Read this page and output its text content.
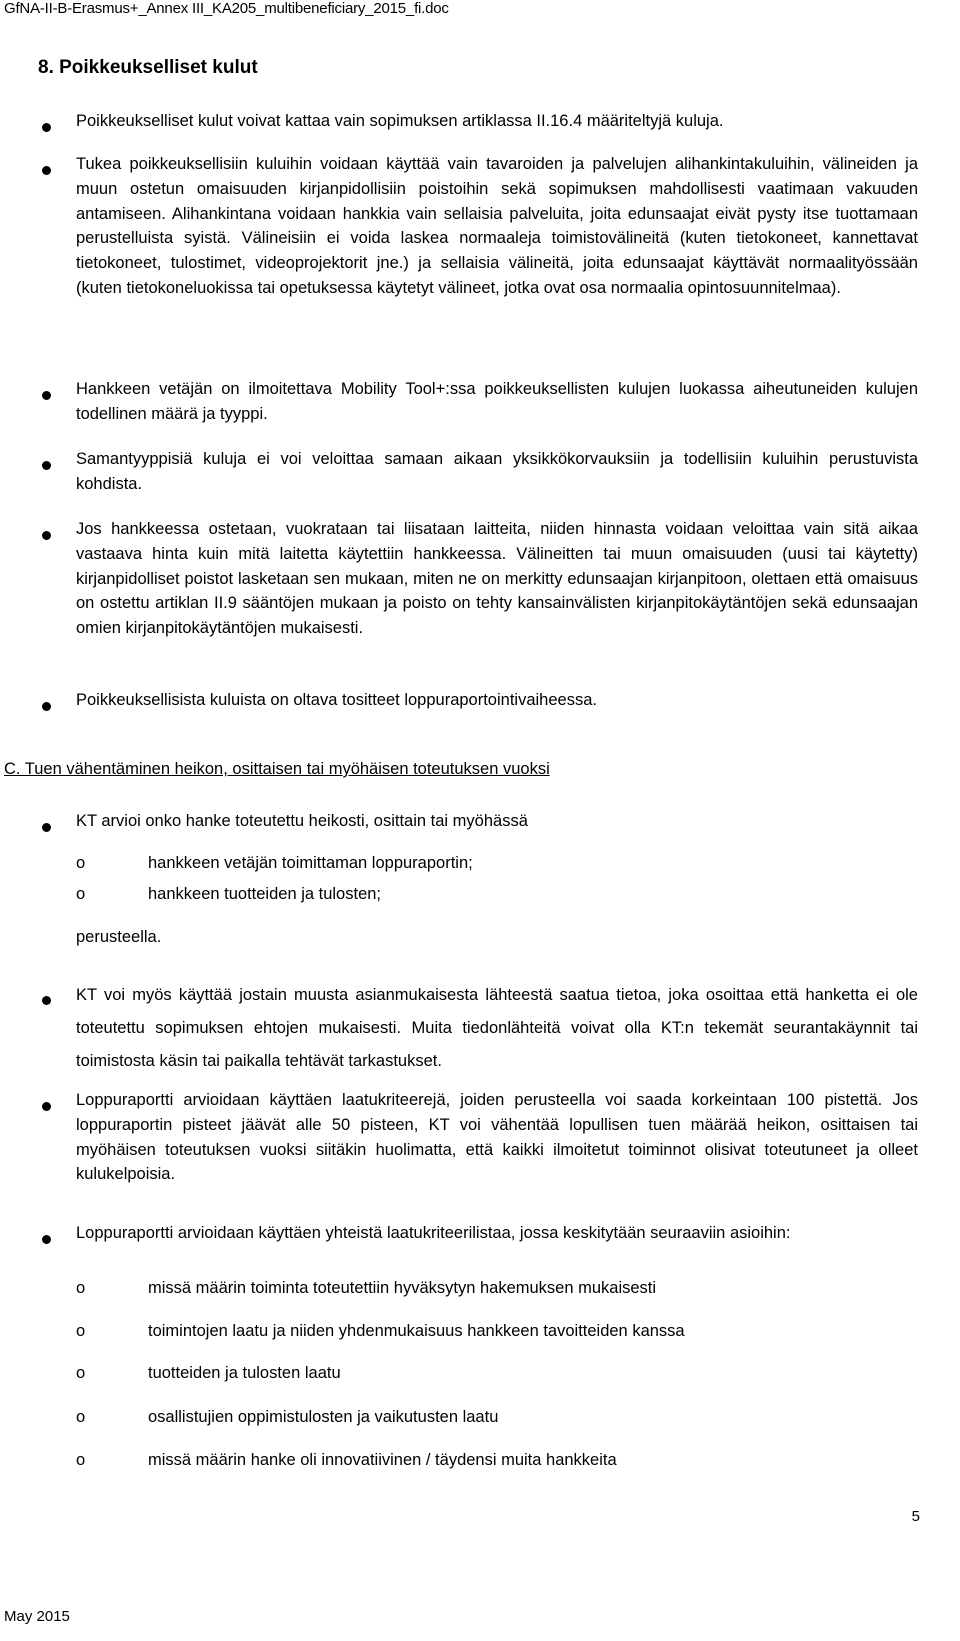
GfNA-II-B-Erasmus+_Annex III_KA205_multibeneficiary_2015_fi.doc
8. Poikkeukselliset kulut
Poikkeukselliset kulut voivat kattaa vain sopimuksen artiklassa II.16.4 määriteltyjä kuluja.
Tukea poikkeuksellisiin kuluihin voidaan käyttää vain tavaroiden ja palvelujen alihankintakuluihin, välineiden ja muun ostetun omaisuuden kirjanpidollisiin poistoihin sekä sopimuksen mahdollisesti vaatimaan vakuuden antamiseen. Alihankintana voidaan hankkia vain sellaisia palveluita, joita edunsaajat eivät pysty itse tuottamaan perustelluista syistä. Välineisiin ei voida laskea normaaleja toimistovälineitä (kuten tietokoneet, kannettavat tietokoneet, tulostimet, videoprojektorit jne.) ja sellaisia välineitä, joita edunsaajat käyttävät normaalityössään (kuten tietokoneluokissa tai opetuksessa käytetyt välineet, jotka ovat osa normaalia opintosuunnitelmaa).
Hankkeen vetäjän on ilmoitettava Mobility Tool+:ssa poikkeuksellisten kulujen luokassa aiheutuneiden kulujen todellinen määrä ja tyyppi.
Samantyyppisiä kuluja ei voi veloittaa samaan aikaan yksikkökorvauksiin ja todellisiin kuluihin perustuvista kohdista.
Jos hankkeessa ostetaan, vuokrataan tai liisataan laitteita, niiden hinnasta voidaan veloittaa vain sitä aikaa vastaava hinta kuin mitä laitetta käytettiin hankkeessa. Välineitten tai muun omaisuuden (uusi tai käytetty) kirjanpidolliset poistot lasketaan sen mukaan, miten ne on merkitty edunsaajan kirjanpitoon, olettaen että omaisuus on ostettu artiklan II.9 sääntöjen mukaan ja poisto on tehty kansainvälisten kirjanpitokäytäntöjen sekä edunsaajan omien kirjanpitokäytäntöjen mukaisesti.
Poikkeuksellisista kuluista on oltava tositteet loppuraportointivaiheessa.
C. Tuen vähentäminen heikon, osittaisen tai myöhäisen toteutuksen vuoksi
KT arvioi onko hanke toteutettu heikosti, osittain tai myöhässä
o	hankkeen vetäjän toimittaman loppuraportin;
o	hankkeen tuotteiden ja tulosten;
perusteella.
KT voi myös käyttää jostain muusta asianmukaisesta lähteestä saatua tietoa, joka osoittaa että hanketta ei ole toteutettu sopimuksen ehtojen mukaisesti. Muita tiedonlähteitä voivat olla KT:n tekemät seurantakäynnit tai toimistosta käsin tai paikalla tehtävät tarkastukset.
Loppuraportti arvioidaan käyttäen laatukriteerejä, joiden perusteella voi saada korkeintaan 100 pistettä. Jos loppuraportin pisteet jäävät alle 50 pisteen, KT voi vähentää lopullisen tuen määrää heikon, osittaisen tai myöhäisen toteutuksen vuoksi siitäkin huolimatta, että kaikki ilmoitetut toiminnot olisivat toteutuneet ja olleet kulukelpoisia.
Loppuraportti arvioidaan käyttäen yhteistä laatukriteerilistaa, jossa keskitytään seuraaviin asioihin:
o	missä määrin toiminta toteutettiin hyväksytyn hakemuksen mukaisesti
o	toimintojen laatu ja niiden yhdenmukaisuus hankkeen tavoitteiden kanssa
o	tuotteiden ja tulosten laatu
o	osallistujien oppimistulosten ja vaikutusten laatu
o	missä määrin hanke oli innovatiivinen / täydensi muita hankkeita
5
May 2015
